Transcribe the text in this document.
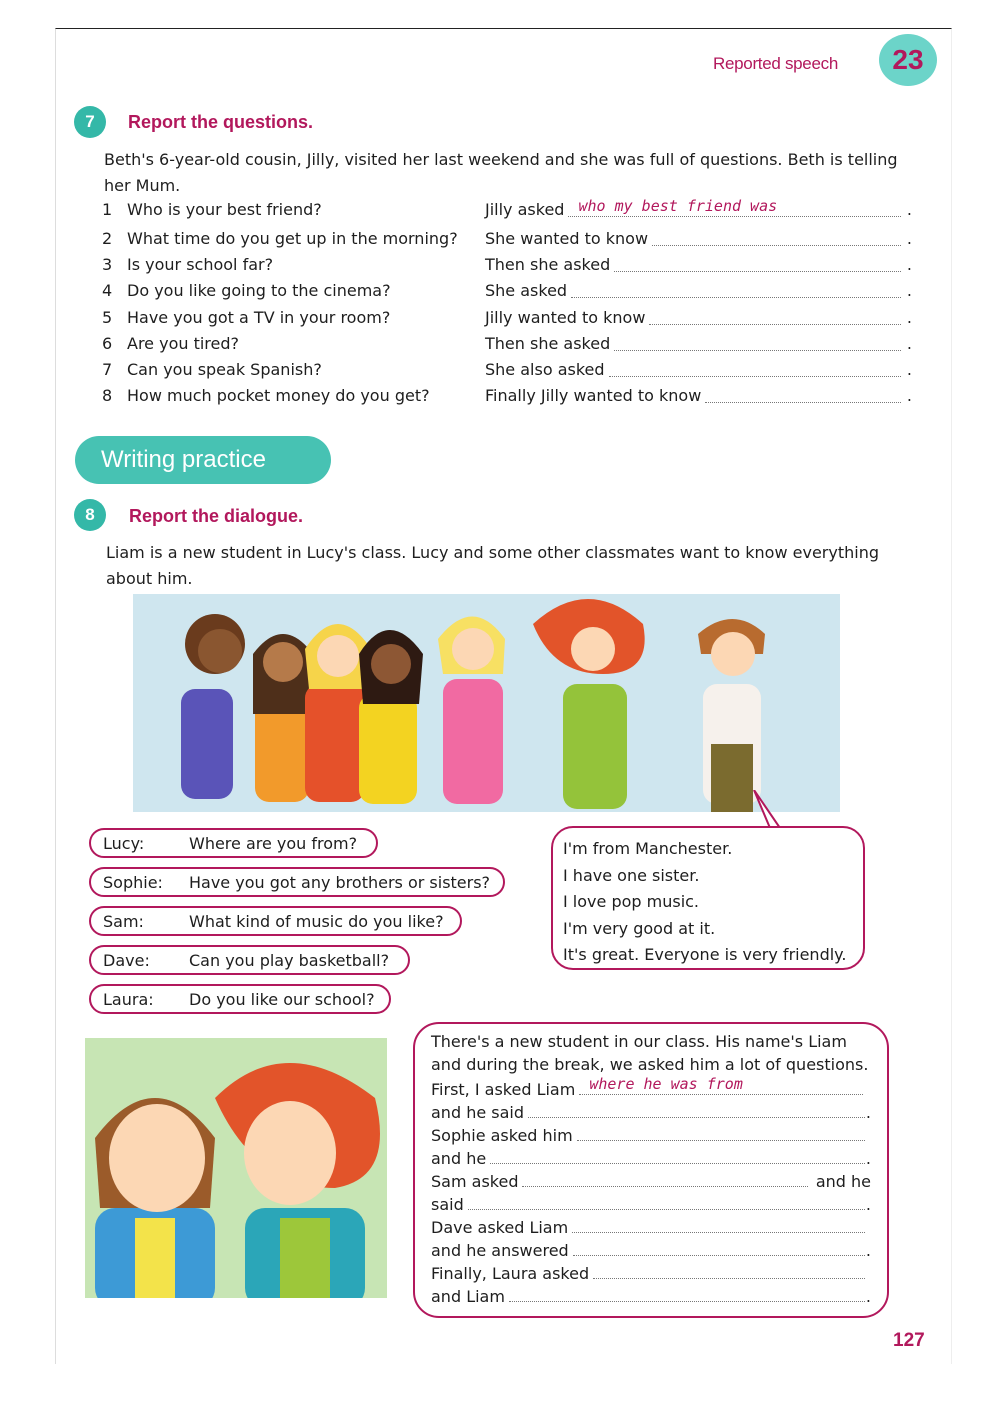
Reported speech	23
7	Report the questions.
Beth's 6-year-old cousin, Jilly, visited her last weekend and she was full of questions. Beth is telling her Mum.
1 Who is your best friend?	Jilly asked who my best friend was	.
2 What time do you get up in the morning?	She wanted to know	.
3 Is your school far?	Then she asked	.
4 Do you like going to the cinema?	She asked	.
5 Have you got a TV in your room?	Jilly wanted to know	.
6 Are you tired?	Then she asked	.
7 Can you speak Spanish?	She also asked	.
8 How much pocket money do you get?	Finally Jilly wanted to know	.
Writing practice
8	Report the dialogue.
Liam is a new student in Lucy's class. Lucy and some other classmates want to know everything about him.
Lucy:	Where are you from?
Sophie:	Have you got any brothers or sisters?
Sam:	What kind of music do you like?
Dave:	Can you play basketball?
Laura:	Do you like our school?
I'm from Manchester.
I have one sister.
I love pop music.
I'm very good at it.
It's great. Everyone is very friendly.
There's a new student in our class. His name's Liam and during the break, we asked him a lot of questions.
First, I asked Liam where he was from
and he said	.
Sophie asked him
and he	.
Sam asked	and he
said	.
Dave asked Liam
and he answered	.
Finally, Laura asked
and Liam	.
127
